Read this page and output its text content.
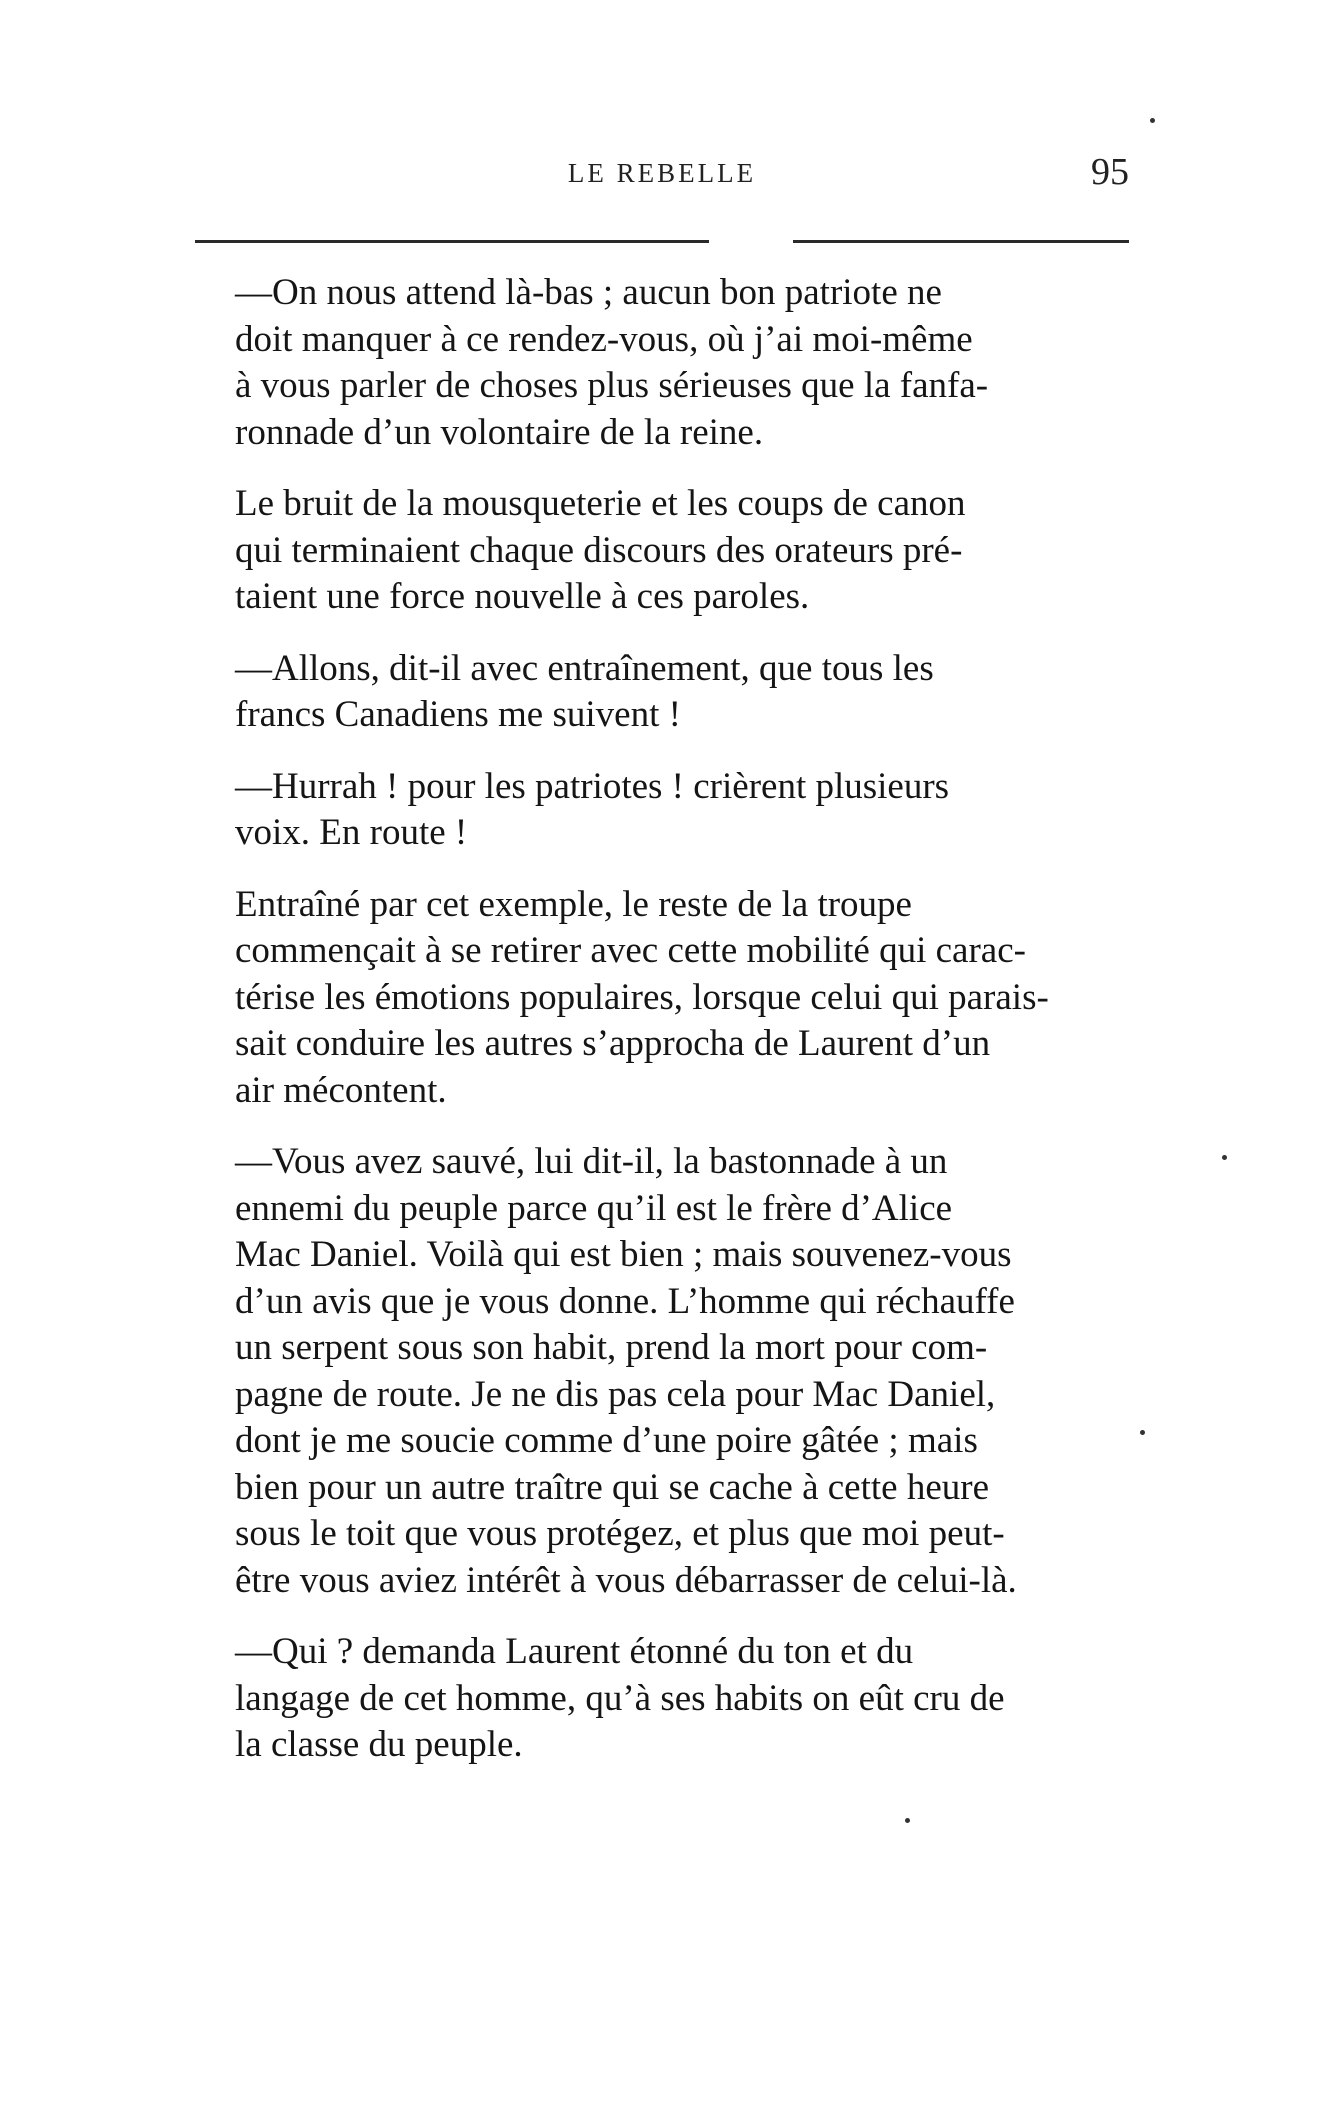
LE REBELLE	95

—On nous attend là-bas ; aucun bon patriote ne
doit manquer à ce rendez-vous, où j’ai moi-même
à vous parler de choses plus sérieuses que la fanfa-
ronnade d’un volontaire de la reine.

Le bruit de la mousqueterie et les coups de canon
qui terminaient chaque discours des orateurs pré-
taient une force nouvelle à ces paroles.

—Allons, dit-il avec entraînement, que tous les
francs Canadiens me suivent !

—Hurrah ! pour les patriotes ! crièrent plusieurs
voix. En route !

Entraîné par cet exemple, le reste de la troupe
commençait à se retirer avec cette mobilité qui carac-
térise les émotions populaires, lorsque celui qui parais-
sait conduire les autres s’approcha de Laurent d’un
air mécontent.

—Vous avez sauvé, lui dit-il, la bastonnade à un
ennemi du peuple parce qu’il est le frère d’Alice
Mac Daniel. Voilà qui est bien ; mais souvenez-vous
d’un avis que je vous donne. L’homme qui réchauffe
un serpent sous son habit, prend la mort pour com-
pagne de route. Je ne dis pas cela pour Mac Daniel,
dont je me soucie comme d’une poire gâtée ; mais
bien pour un autre traître qui se cache à cette heure
sous le toit que vous protégez, et plus que moi peut-
être vous aviez intérêt à vous débarrasser de celui-là.

—Qui ? demanda Laurent étonné du ton et du
langage de cet homme, qu’à ses habits on eût cru de
la classe du peuple.
